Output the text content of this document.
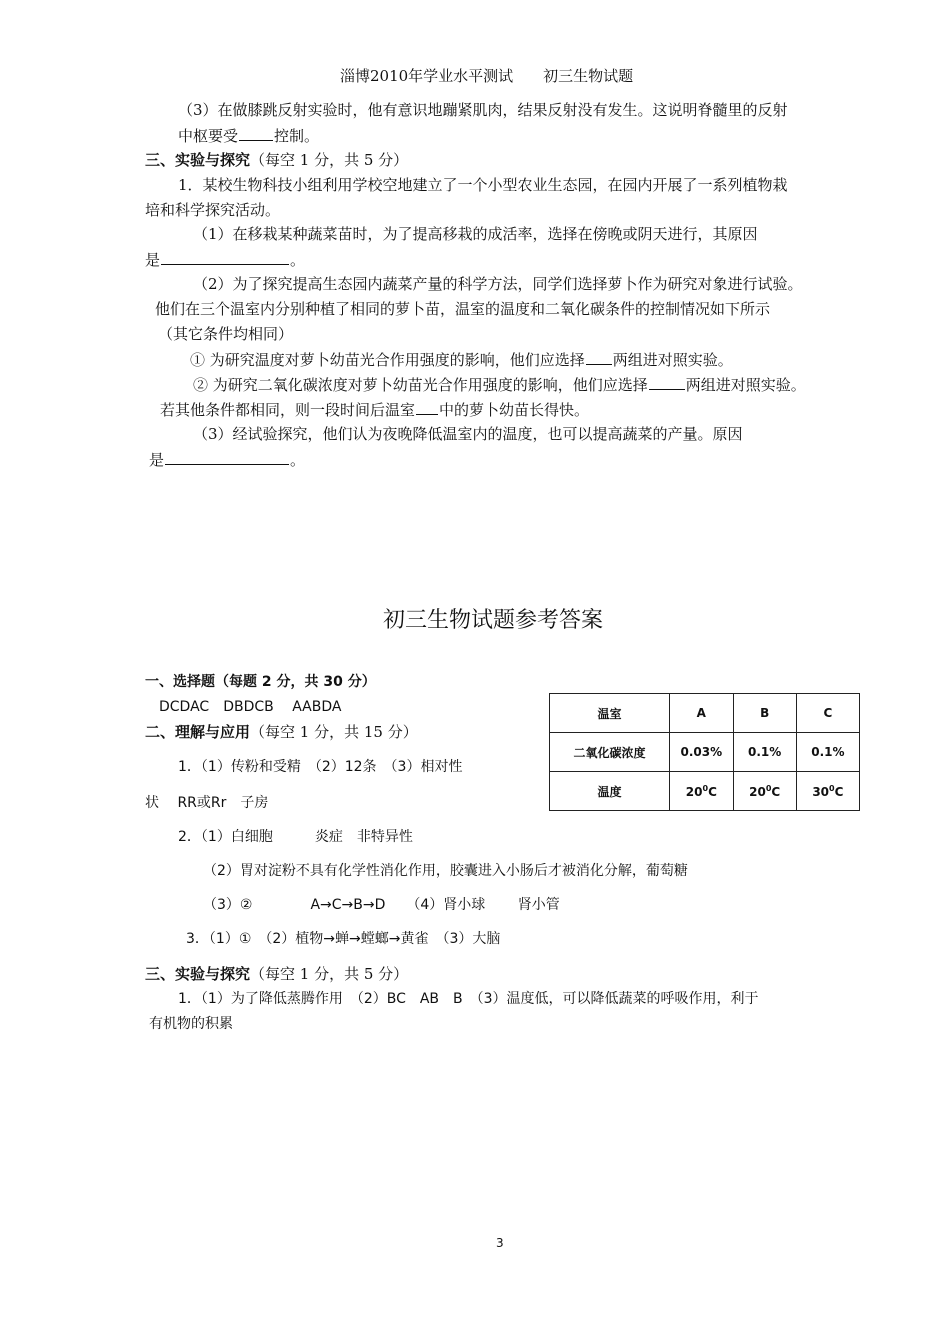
淄博2010年学业水平测试　　初三生物试题
（3）在做膝跳反射实验时，他有意识地蹦紧肌肉，结果反射没有发生。这说明脊髓里的反射
中枢要受 控制。
三、实验与探究（每空 1 分，共 5 分）
1．某校生物科技小组利用学校空地建立了一个小型农业生态园，在园内开展了一系列植物栽
培和科学探究活动。
（1）在移栽某种蔬菜苗时，为了提高移栽的成活率，选择在傍晚或阴天进行，其原因
是	。
（2）为了探究提高生态园内蔬菜产量的科学方法，同学们选择萝卜作为研究对象进行试验。
他们在三个温室内分别种植了相同的萝卜苗，温室的温度和二氧化碳条件的控制情况如下所示
（其它条件均相同）
① 为研究温度对萝卜幼苗光合作用强度的影响，他们应选择 两组进对照实验。
② 为研究二氧化碳浓度对萝卜幼苗光合作用强度的影响，他们应选择	两组进对照实验。
若其他条件都相同，则一段时间后温室 中的萝卜幼苗长得快。
（3）经试验探究，他们认为夜晚降低温室内的温度，也可以提高蔬菜的产量。原因
是	。
初三生物试题参考答案
一、选择题（每题 2 分，共 30 分）
DCDAC　DBDCB　 AABDA
二、理解与应用（每空 1 分，共 15 分）
1．（1）传粉和受精　（2）12条　（3）相对性
状　 RR或Rr　子房
2．（1）白细胞　　　炎症　非特异性
（2）胃对淀粉不具有化学性消化作用，胶囊进入小肠后才被消化分解，葡萄糖
（3）②	A→C→B→D　　（4）肾小球　　 肾小管
3．（1）①　（2）植物→蝉→螳螂→黄雀　（3）大脑
三、实验与探究（每空 1 分，共 5 分）
1．（1）为了降低蒸腾作用　（2）BC　AB　B　（3）温度低，可以降低蔬菜的呼吸作用，利于
有机物的积累
温室	A	B	C
二氧化碳浓度	0.03%	0.1%	0.1%
温度	$20^0C$	$20^0C$	$30^0C$
3
